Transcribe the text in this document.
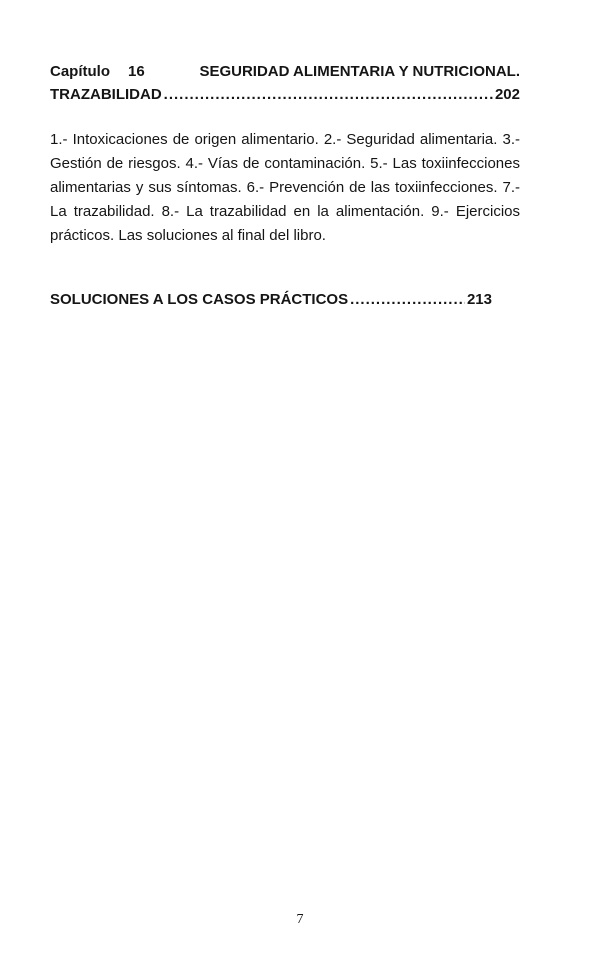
Capítulo 16	SEGURIDAD ALIMENTARIA Y NUTRICIONAL.
TRAZABILIDAD .....	202
1.- Intoxicaciones de origen alimentario. 2.- Seguridad alimentaria. 3.- Gestión de riesgos. 4.- Vías de contaminación. 5.- Las toxiinfecciones alimentarias y sus síntomas. 6.- Prevención de las toxiinfecciones. 7.- La trazabilidad. 8.- La trazabilidad en la alimentación. 9.- Ejercicios prácticos. Las soluciones al final del libro.
SOLUCIONES A LOS CASOS PRÁCTICOS .....	213
7
